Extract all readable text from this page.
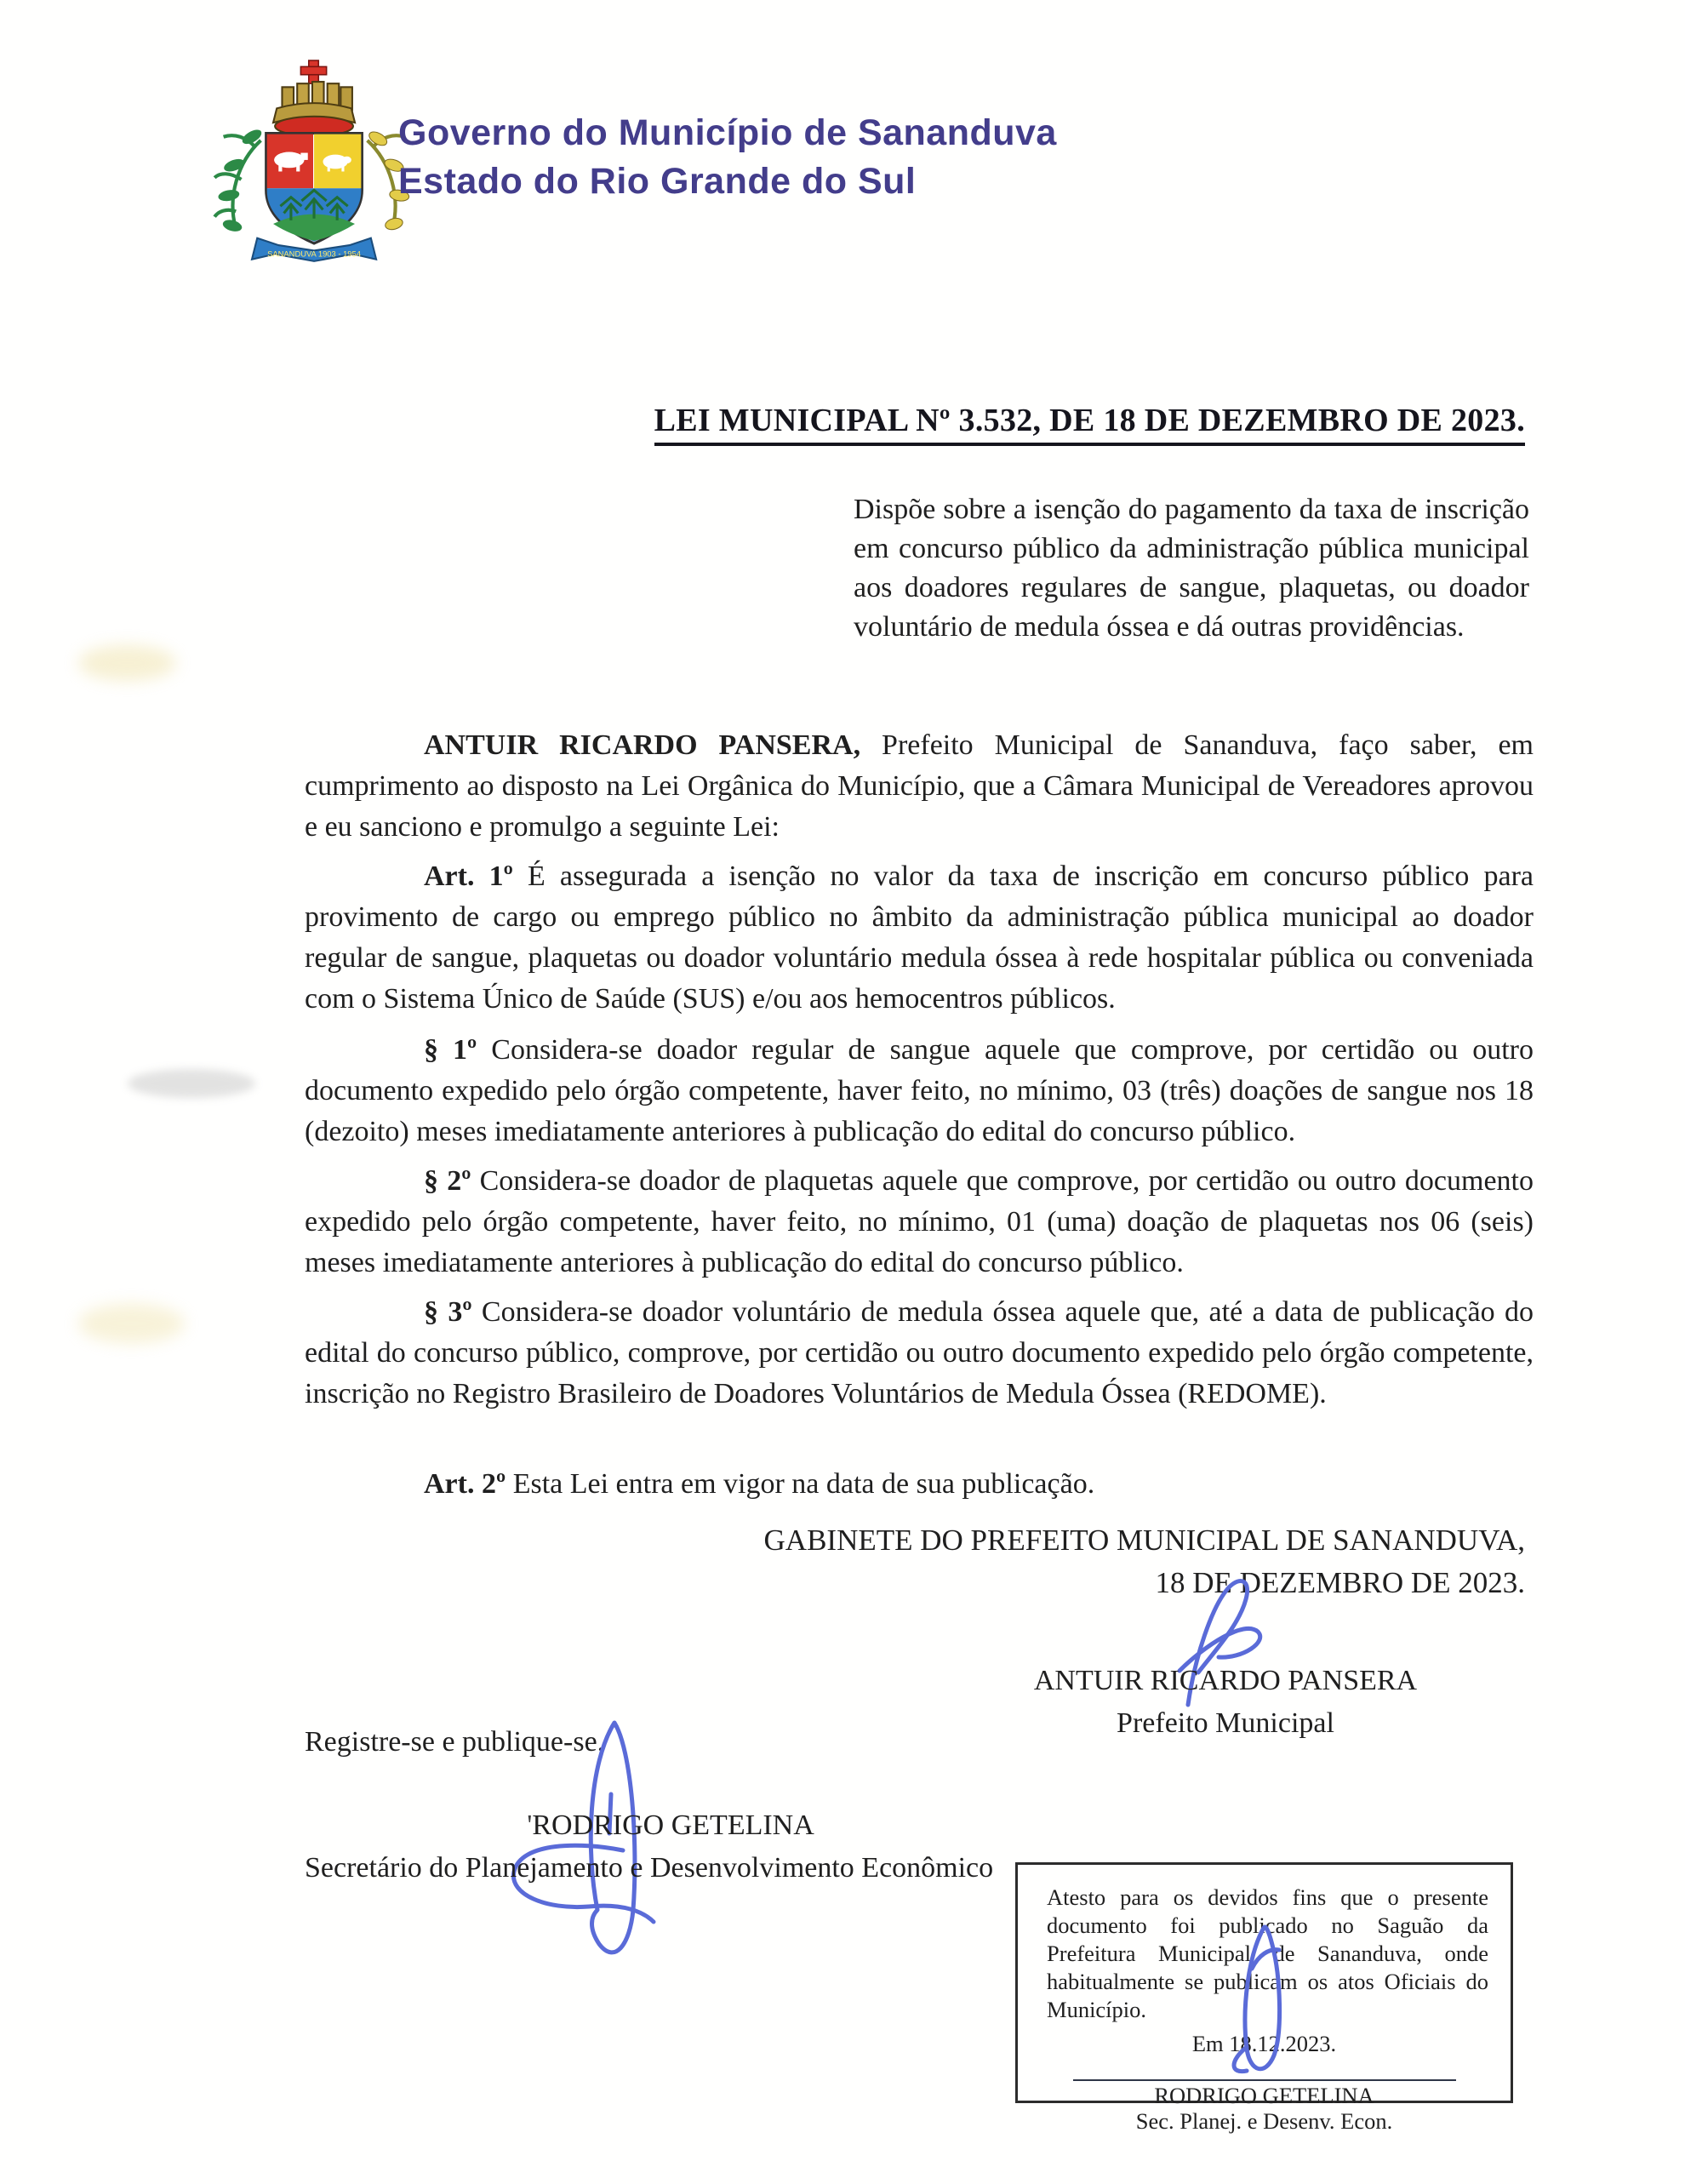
SANANDUVA 1903 - 1954
Governo do Município de Sananduva
Estado do Rio Grande do Sul
LEI MUNICIPAL Nº 3.532, DE 18 DE DEZEMBRO DE 2023.
Dispõe sobre a isenção do pagamento da taxa de inscrição em concurso público da administração pública municipal aos doadores regulares de sangue, plaquetas, ou doador voluntário de medula óssea e dá outras providências.
ANTUIR RICARDO PANSERA, Prefeito Municipal de Sananduva, faço saber, em cumprimento ao disposto na Lei Orgânica do Município, que a Câmara Municipal de Vereadores aprovou e eu sanciono e promulgo a seguinte Lei:
Art. 1º É assegurada a isenção no valor da taxa de inscrição em concurso público para provimento de cargo ou emprego público no âmbito da administração pública municipal ao doador regular de sangue, plaquetas ou doador voluntário medula óssea à rede hospitalar pública ou conveniada com o Sistema Único de Saúde (SUS) e/ou aos hemocentros públicos.
§ 1º Considera-se doador regular de sangue aquele que comprove, por certidão ou outro documento expedido pelo órgão competente, haver feito, no mínimo, 03 (três) doações de sangue nos 18 (dezoito) meses imediatamente anteriores à publicação do edital do concurso público.
§ 2º Considera-se doador de plaquetas aquele que comprove, por certidão ou outro documento expedido pelo órgão competente, haver feito, no mínimo, 01 (uma) doação de plaquetas nos 06 (seis) meses imediatamente anteriores à publicação do edital do concurso público.
§ 3º Considera-se doador voluntário de medula óssea aquele que, até a data de publicação do edital do concurso público, comprove, por certidão ou outro documento expedido pelo órgão competente, inscrição no Registro Brasileiro de Doadores Voluntários de Medula Óssea (REDOME).
Art. 2º Esta Lei entra em vigor na data de sua publicação.
GABINETE DO PREFEITO MUNICIPAL DE SANANDUVA,
18 DE DEZEMBRO DE 2023.
ANTUIR RICARDO PANSERA
Prefeito Municipal
Registre-se e publique-se.
' RODRIGO GETELINA
Secretário do Planejamento e Desenvolvimento Econômico
Atesto para os devidos fins que o presente documento foi publicado no Saguão da Prefeitura Municipal de Sananduva, onde habitualmente se publicam os atos Oficiais do Município.
Em 18.12.2023.
RODRIGO GETELINA
Sec. Planej. e Desenv. Econ.
